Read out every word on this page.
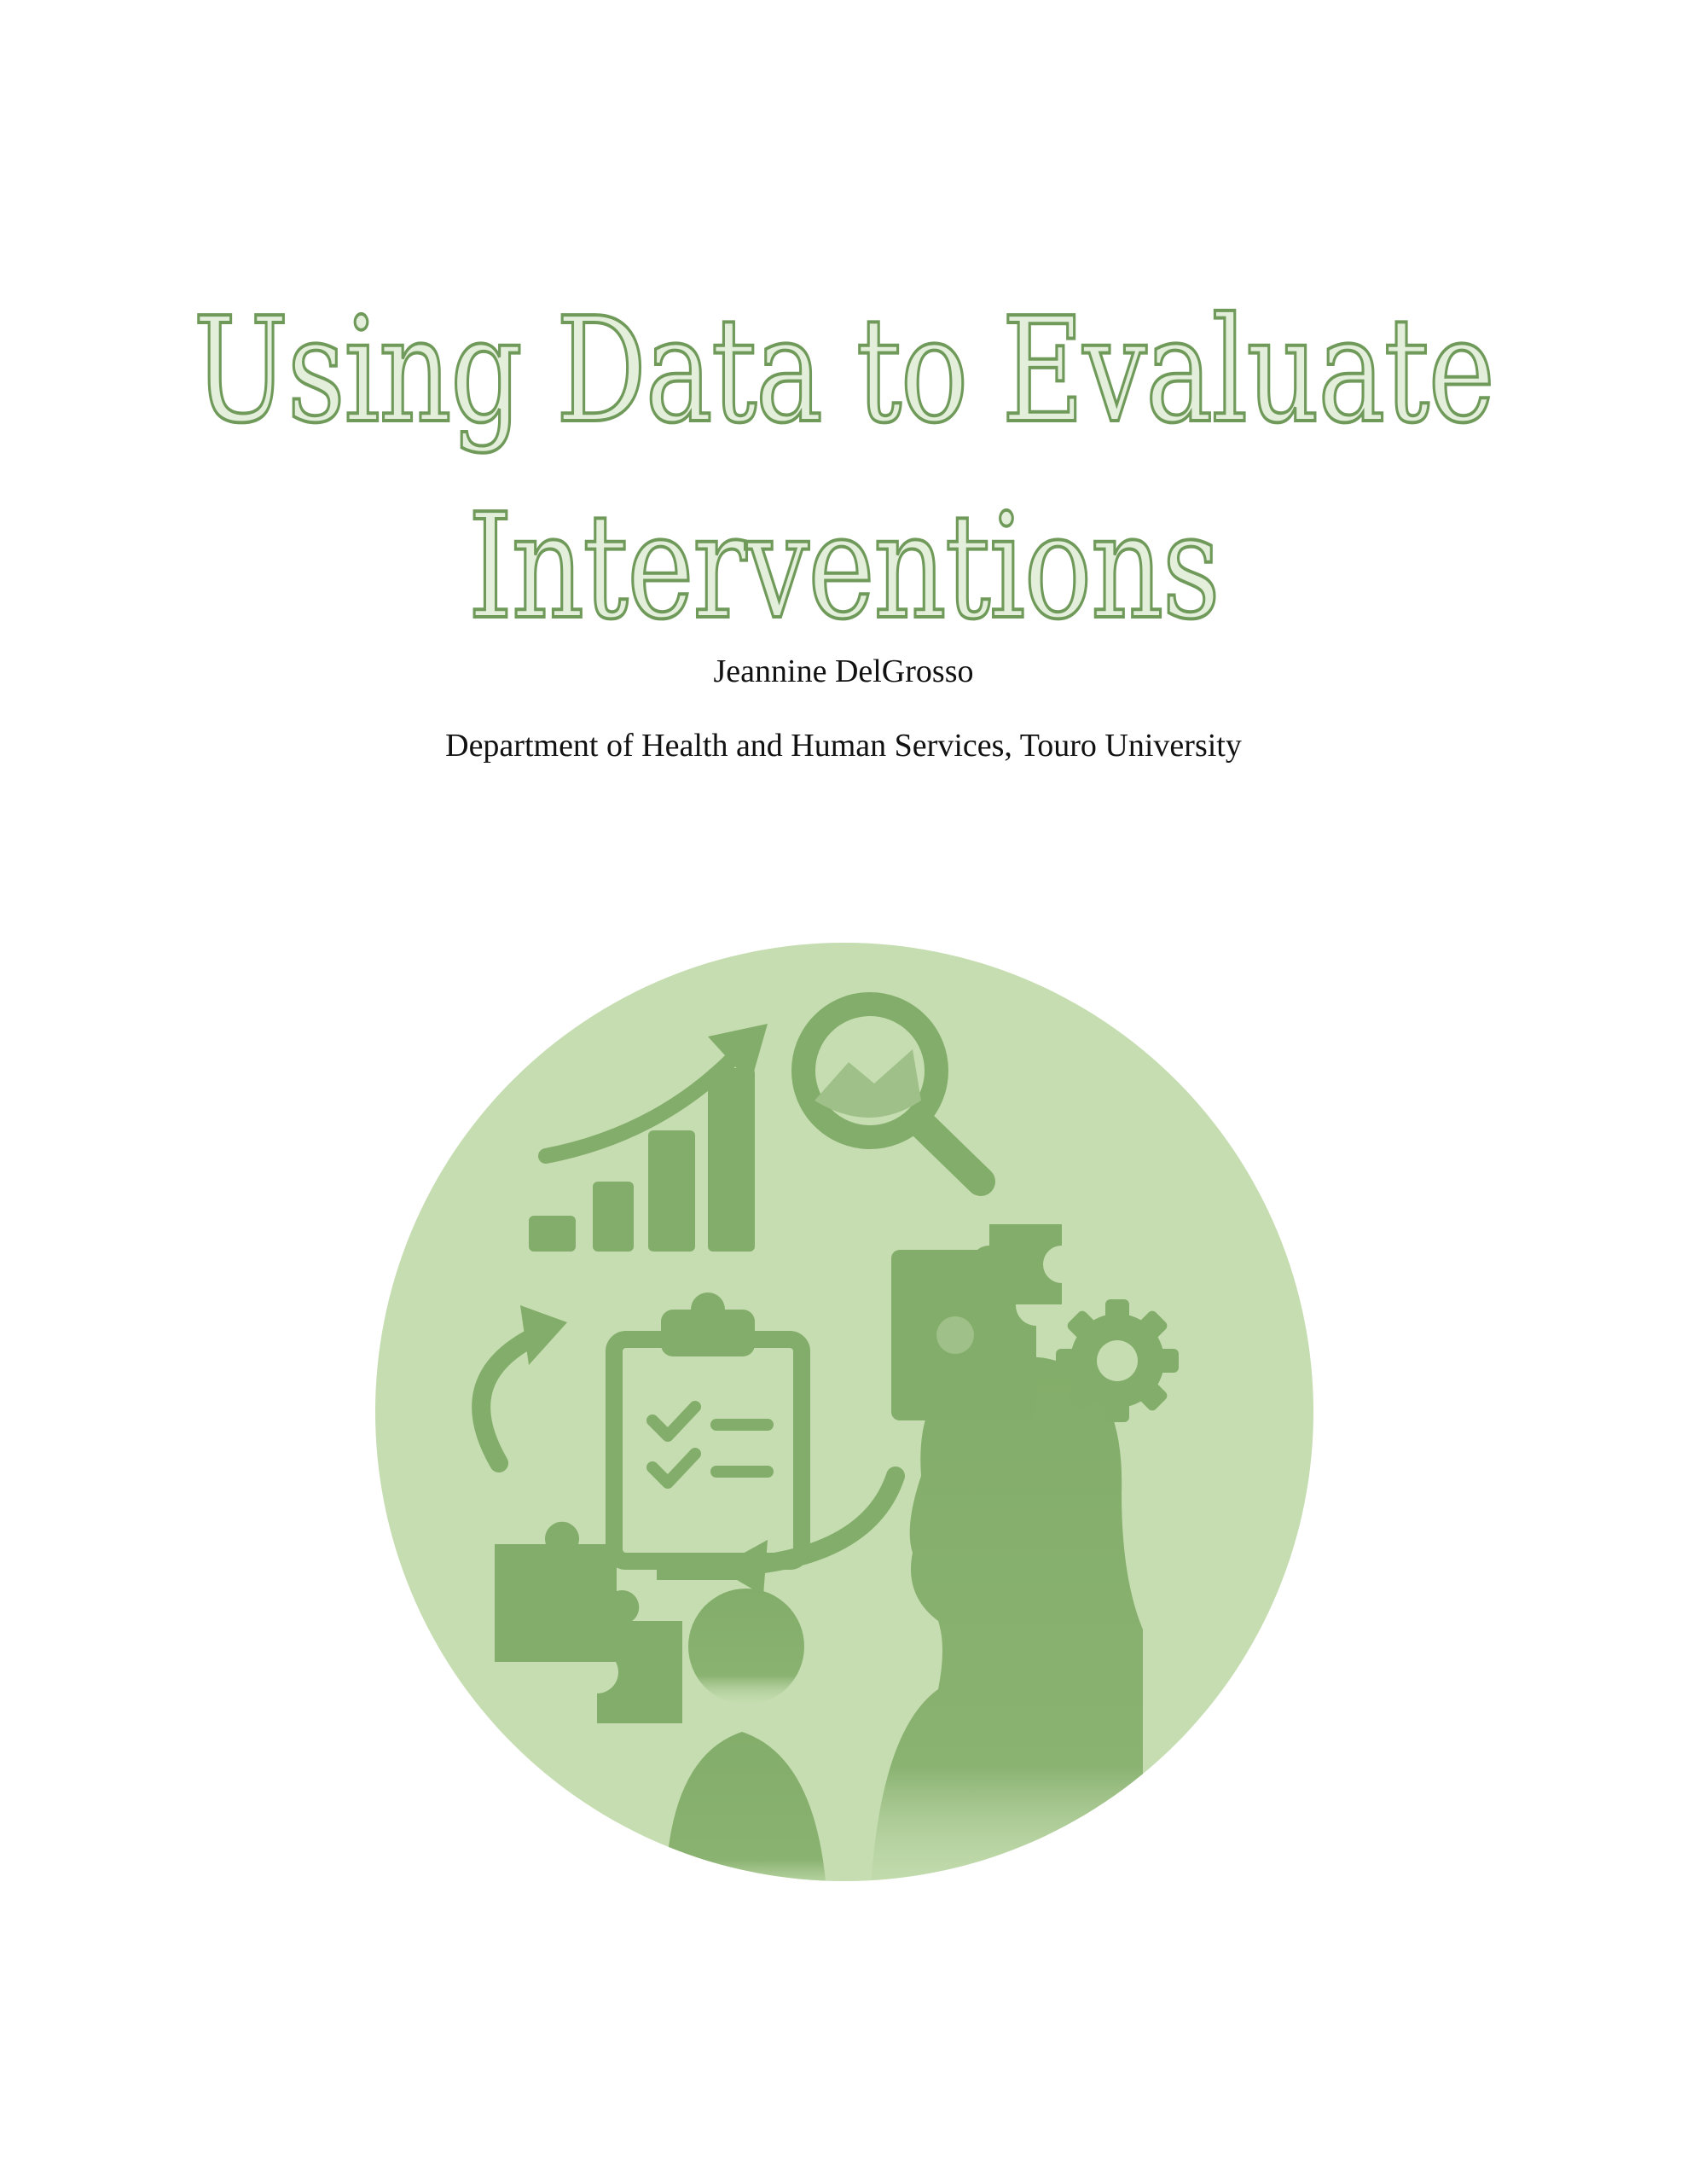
Using Data to Evaluate
Interventions
Jeannine DelGrosso
Department of Health and Human Services, Touro University
